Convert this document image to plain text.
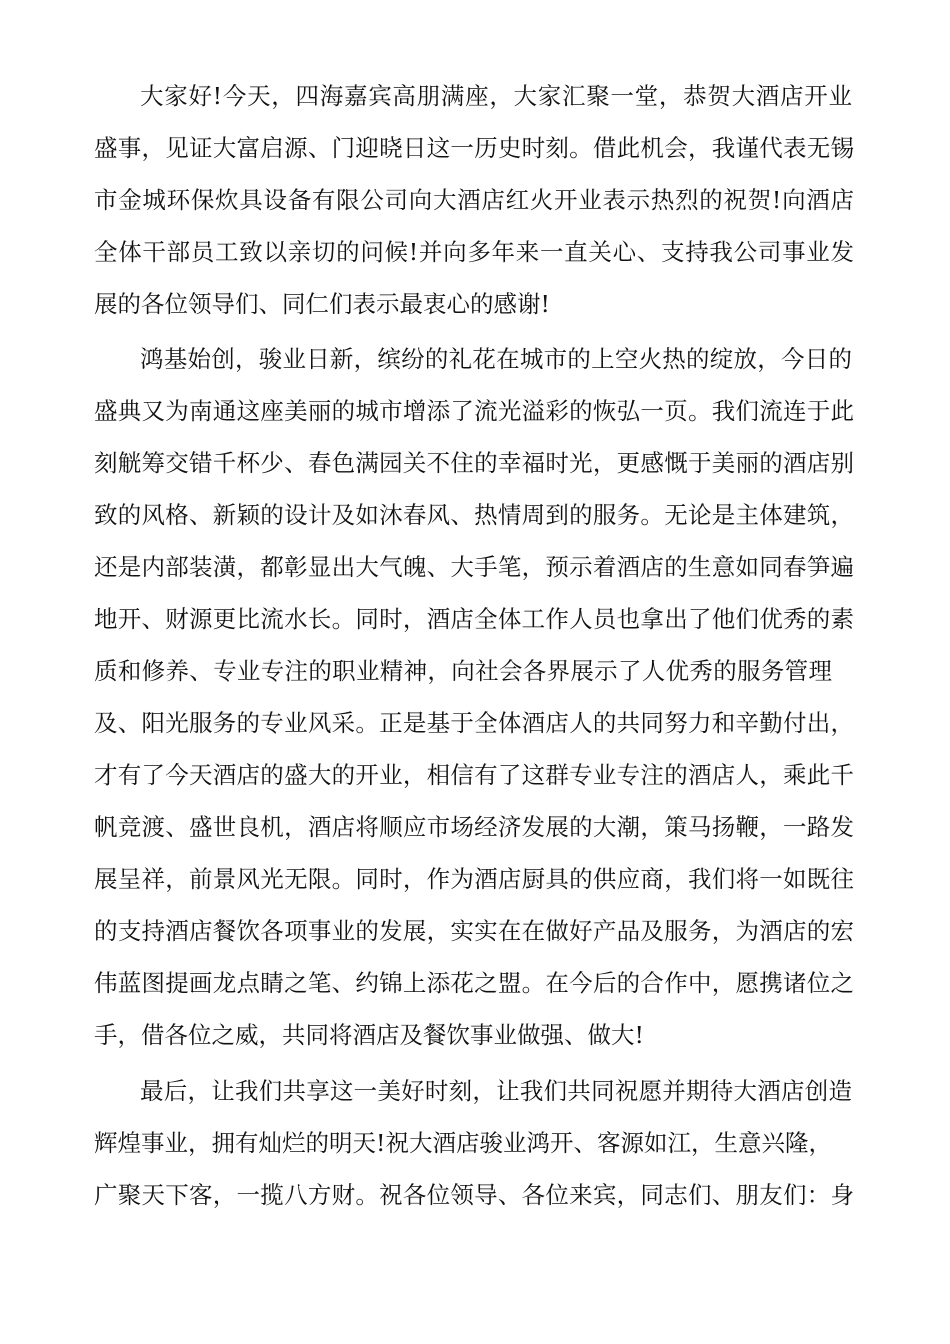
大家好!今天，四海嘉宾高朋满座，大家汇聚一堂，恭贺大酒店开业
盛事，见证大富启源、门迎晓日这一历史时刻。借此机会，我谨代表无锡
市金城环保炊具设备有限公司向大酒店红火开业表示热烈的祝贺!向酒店
全体干部员工致以亲切的问候!并向多年来一直关心、支持我公司事业发
展的各位领导们、同仁们表示最衷心的感谢!
鸿基始创，骏业日新，缤纷的礼花在城市的上空火热的绽放，今日的
盛典又为南通这座美丽的城市增添了流光溢彩的恢弘一页。我们流连于此
刻觥筹交错千杯少、春色满园关不住的幸福时光，更感慨于美丽的酒店别
致的风格、新颖的设计及如沐春风、热情周到的服务。无论是主体建筑，
还是内部装潢，都彰显出大气魄、大手笔，预示着酒店的生意如同春笋遍
地开、财源更比流水长。同时，酒店全体工作人员也拿出了他们优秀的素
质和修养、专业专注的职业精神，向社会各界展示了人优秀的服务管理
及、阳光服务的专业风采。正是基于全体酒店人的共同努力和辛勤付出，
才有了今天酒店的盛大的开业，相信有了这群专业专注的酒店人，乘此千
帆竞渡、盛世良机，酒店将顺应市场经济发展的大潮，策马扬鞭，一路发
展呈祥，前景风光无限。同时，作为酒店厨具的供应商，我们将一如既往
的支持酒店餐饮各项事业的发展，实实在在做好产品及服务，为酒店的宏
伟蓝图提画龙点睛之笔、约锦上添花之盟。在今后的合作中，愿携诸位之
手，借各位之威，共同将酒店及餐饮事业做强、做大!
最后，让我们共享这一美好时刻，让我们共同祝愿并期待大酒店创造
辉煌事业，拥有灿烂的明天!祝大酒店骏业鸿开、客源如江，生意兴隆，
广聚天下客，一揽八方财。祝各位领导、各位来宾，同志们、朋友们：身
